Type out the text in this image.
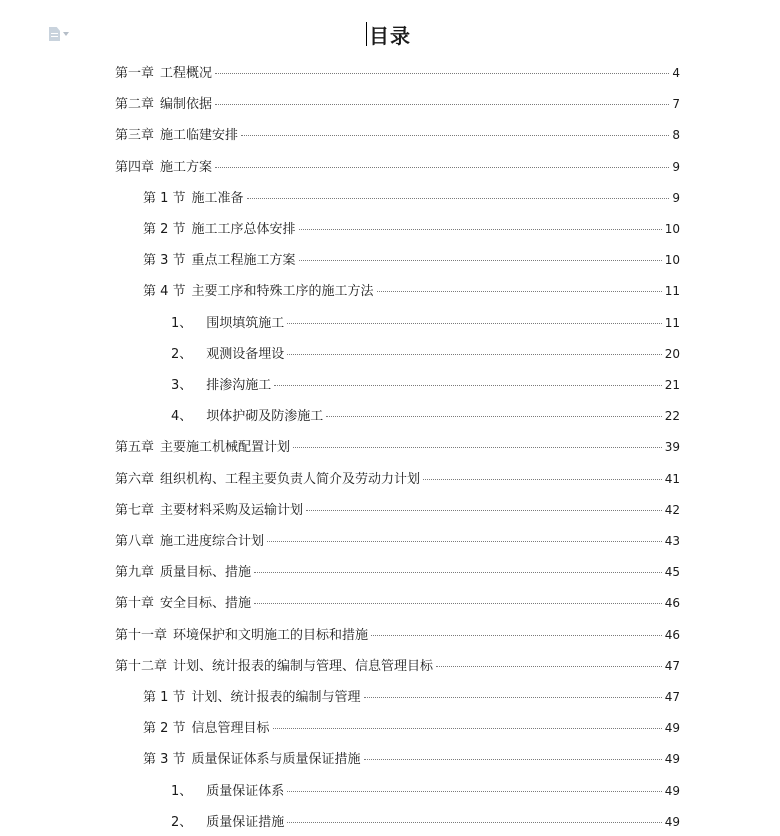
目录
第一章 工程概况	4
第二章 编制依据	7
第三章 施工临建安排	8
第四章 施工方案	9
第 1 节 施工准备	9
第 2 节 施工工序总体安排	10
第 3 节 重点工程施工方案	10
第 4 节 主要工序和特殊工序的施工方法	11
1、 围坝填筑施工	11
2、 观测设备埋设	20
3、 排渗沟施工	21
4、 坝体护砌及防渗施工	22
第五章 主要施工机械配置计划	39
第六章 组织机构、工程主要负责人简介及劳动力计划	41
第七章 主要材料采购及运输计划	42
第八章 施工进度综合计划	43
第九章 质量目标、措施	45
第十章 安全目标、措施	46
第十一章 环境保护和文明施工的目标和措施	46
第十二章 计划、统计报表的编制与管理、信息管理目标	47
第 1 节 计划、统计报表的编制与管理	47
第 2 节 信息管理目标	49
第 3 节 质量保证体系与质量保证措施	49
1、 质量保证体系	49
2、 质量保证措施	49
